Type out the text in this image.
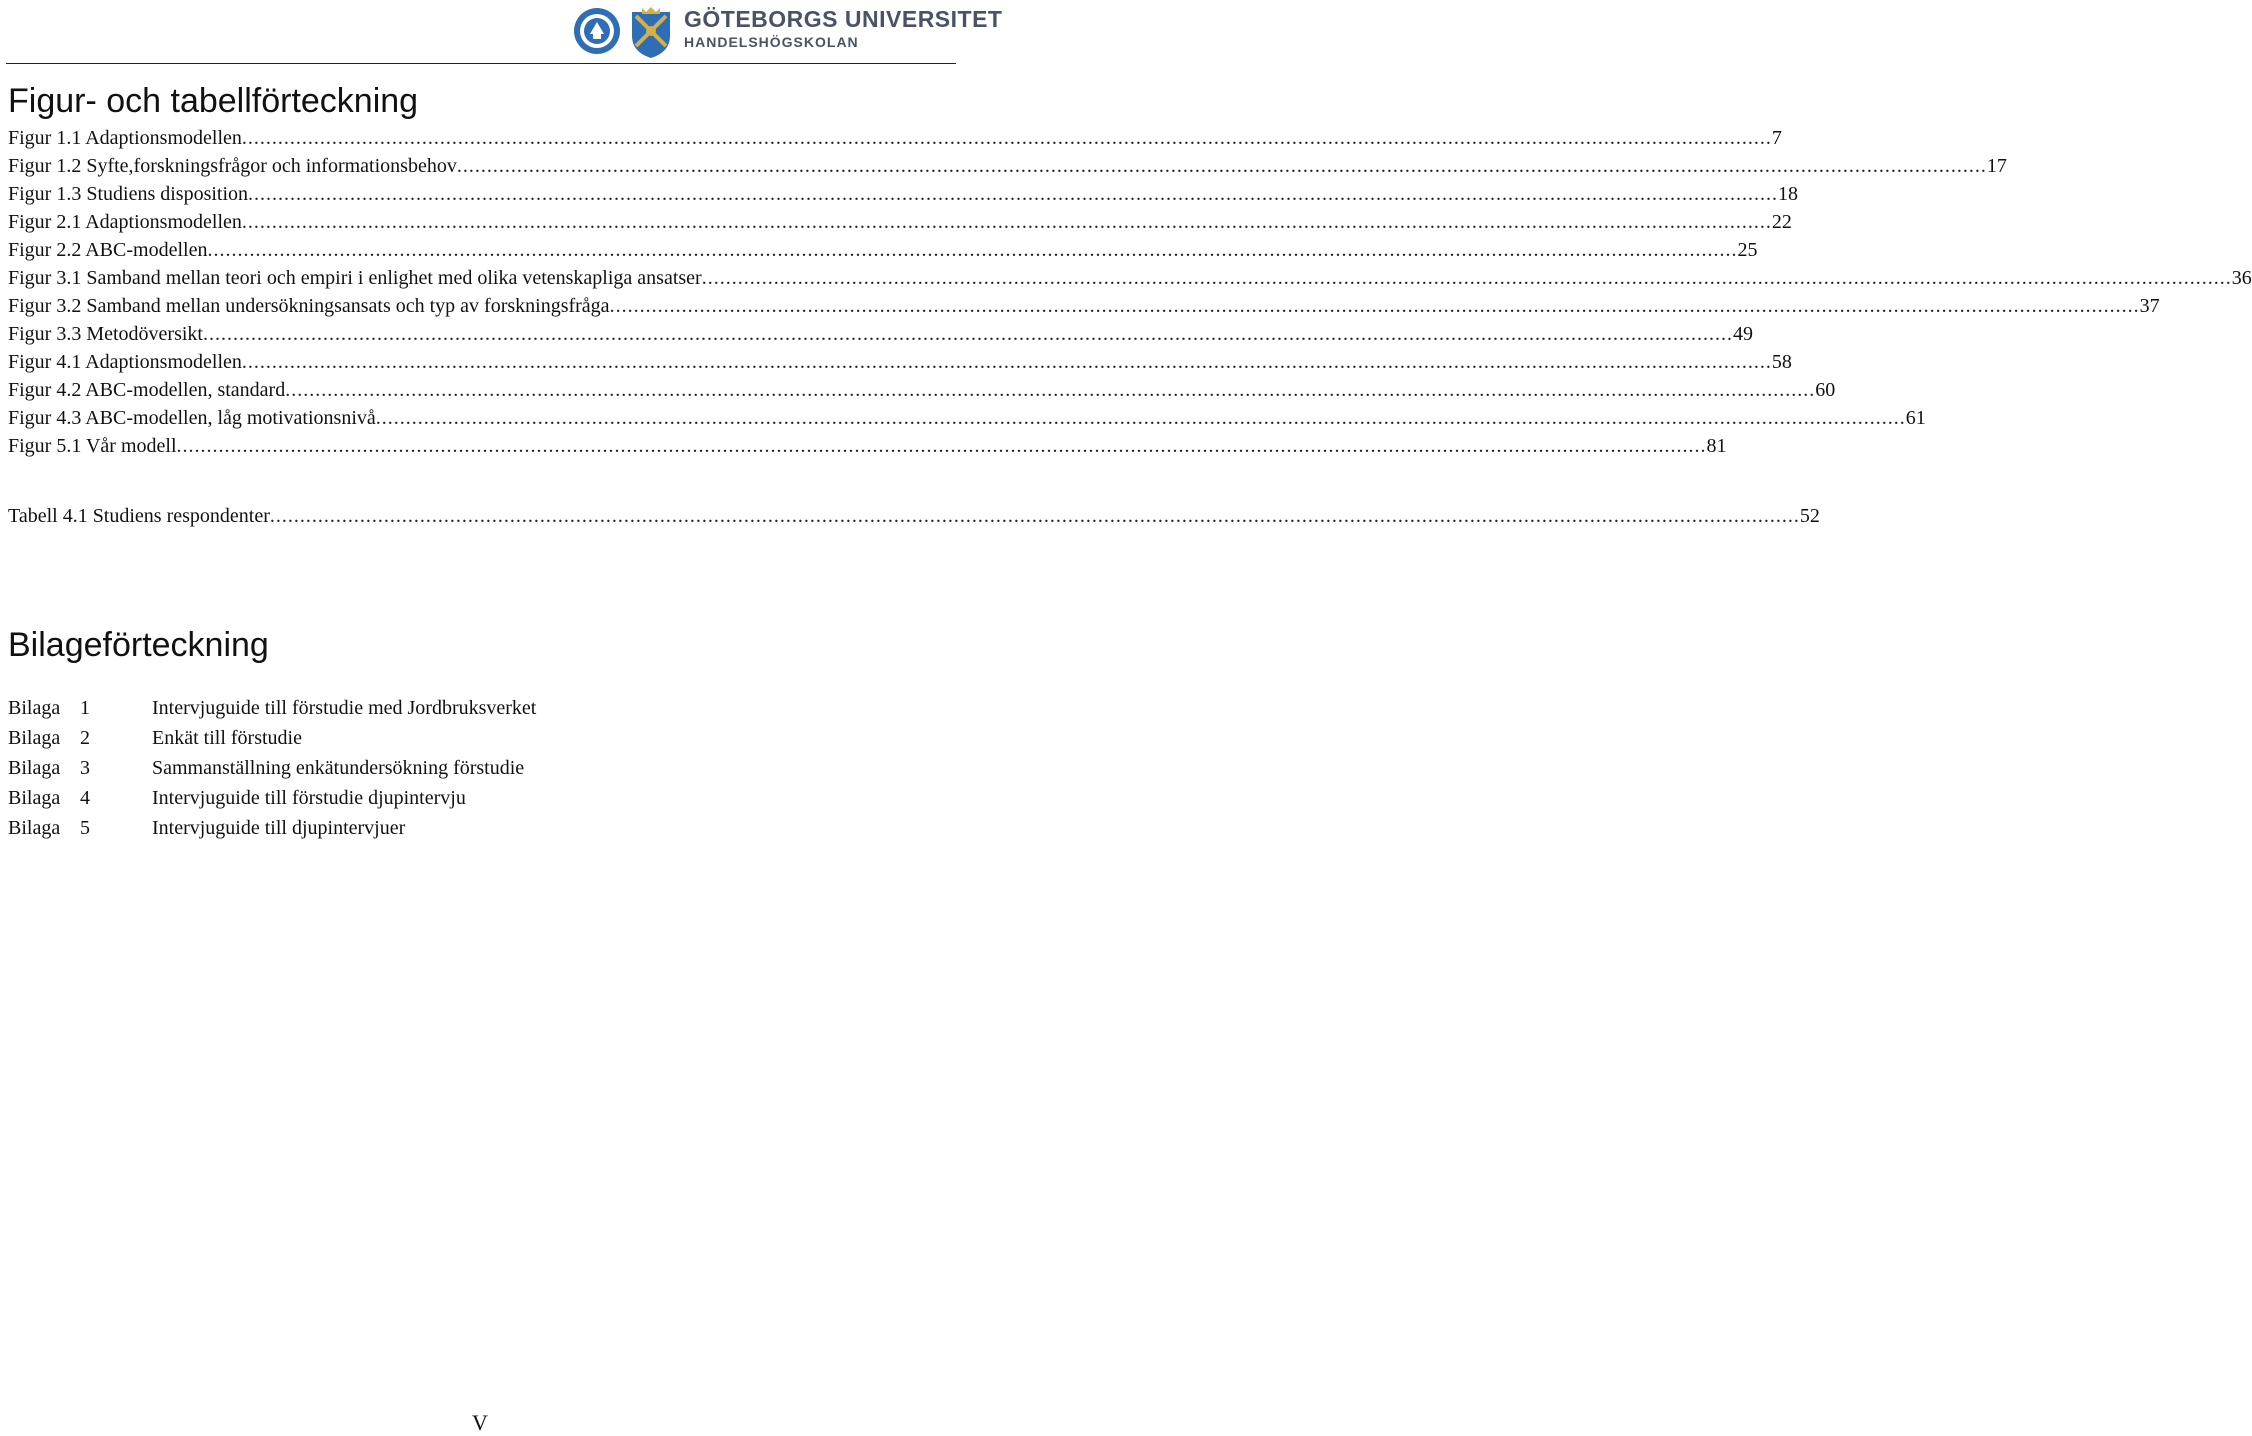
GÖTEBORGS UNIVERSITET
HANDELSHÖGSKOLAN
Figur- och tabellförteckning
Figur 1.1 Adaptionsmodellen .....	7
Figur 1.2 Syfte,forskningsfrågor och informationsbehov .....	17
Figur 1.3 Studiens disposition .....	18
Figur 2.1 Adaptionsmodellen .....	22
Figur 2.2 ABC-modellen .....	25
Figur 3.1 Samband mellan teori och empiri i enlighet med olika vetenskapliga ansatser .....	36
Figur 3.2 Samband mellan undersökningsansats och typ av forskningsfråga .....	37
Figur 3.3 Metodöversikt .....	49
Figur 4.1 Adaptionsmodellen .....	58
Figur 4.2 ABC-modellen, standard .....	60
Figur 4.3 ABC-modellen, låg motivationsnivå .....	61
Figur 5.1 Vår modell .....	81
Tabell 4.1 Studiens respondenter .....	52
Bilageförteckning
Bilaga 1	Intervjuguide till förstudie med Jordbruksverket
Bilaga 2	Enkät till förstudie
Bilaga 3	Sammanställning enkätundersökning förstudie
Bilaga 4	Intervjuguide till förstudie djupintervju
Bilaga 5	Intervjuguide till djupintervjuer
V
